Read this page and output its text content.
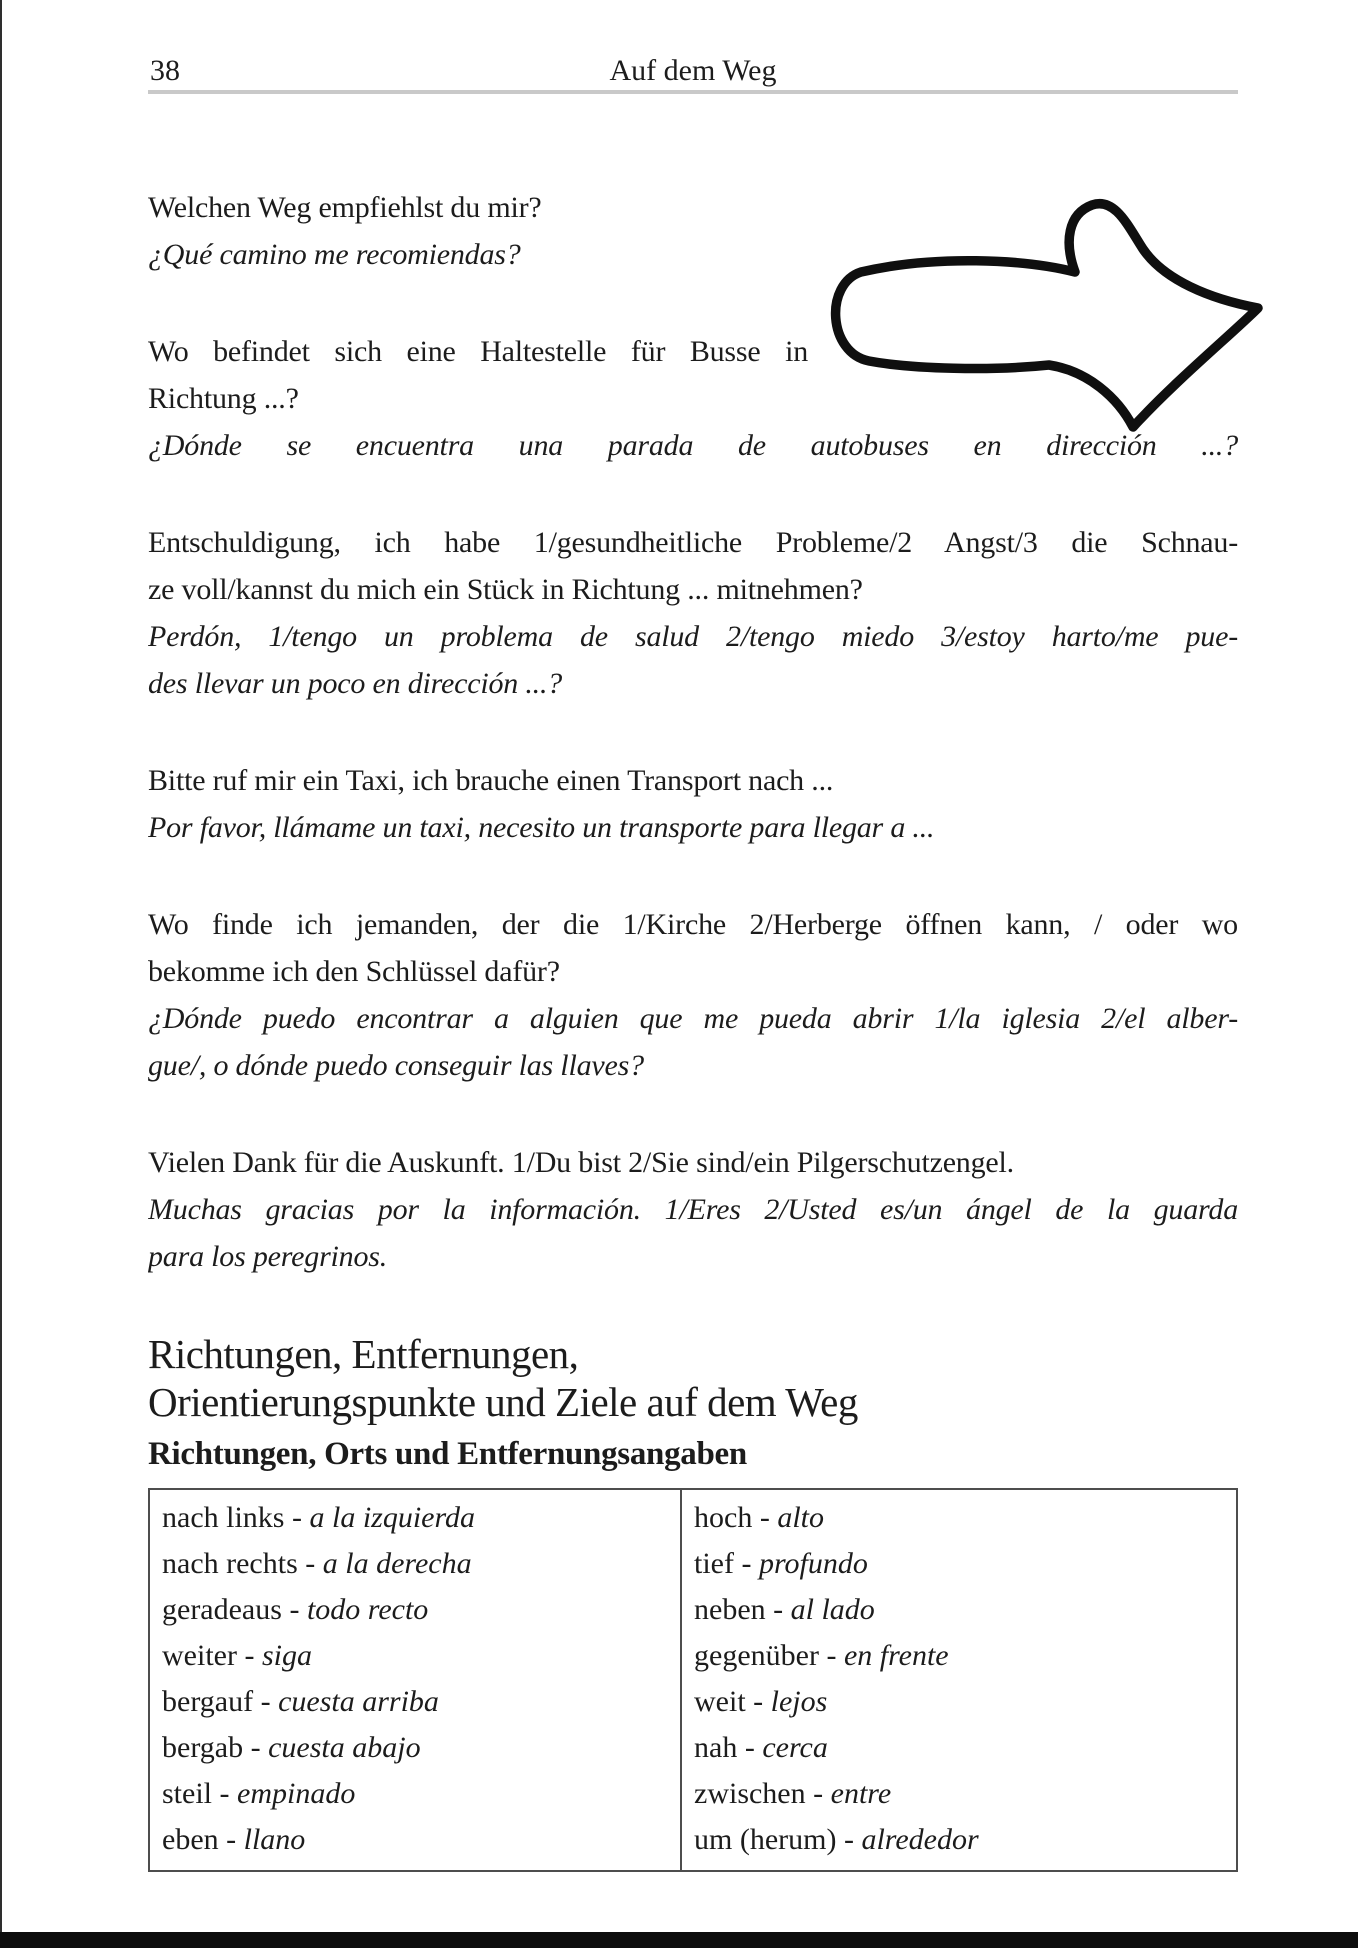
38	Auf dem Weg
Welchen Weg empfiehlst du mir?
¿Qué camino me recomiendas?
Wo befindet sich eine Haltestelle für Busse in
Richtung ...?
¿Dónde se encuentra una parada de autobuses en dirección ...?
Entschuldigung, ich habe 1/gesundheitliche Probleme/2 Angst/3 die Schnau-
ze voll/kannst du mich ein Stück in Richtung ... mitnehmen?
Perdón, 1/tengo un problema de salud 2/tengo miedo 3/estoy harto/me pue-
des llevar un poco en dirección ...?
Bitte ruf mir ein Taxi, ich brauche einen Transport nach ...
Por favor, llámame un taxi, necesito un transporte para llegar a ...
Wo finde ich jemanden, der die 1/Kirche 2/Herberge öffnen kann, / oder wo
bekomme ich den Schlüssel dafür?
¿Dónde puedo encontrar a alguien que me pueda abrir 1/la iglesia 2/el alber-
gue/, o dónde puedo conseguir las llaves?
Vielen Dank für die Auskunft. 1/Du bist 2/Sie sind/ein Pilgerschutzengel.
Muchas gracias por la información. 1/Eres 2/Usted es/un ángel de la guarda
para los peregrinos.
Richtungen, Entfernungen,
Orientierungspunkte und Ziele auf dem Weg
Richtungen, Orts und Entfernungsangaben
nach links - a la izquierda
nach rechts - a la derecha
geradeaus - todo recto
weiter - siga
bergauf - cuesta arriba
bergab - cuesta abajo
steil - empinado
eben - llano
hoch - alto
tief - profundo
neben - al lado
gegenüber - en frente
weit - lejos
nah - cerca
zwischen - entre
um (herum) - alrededor
